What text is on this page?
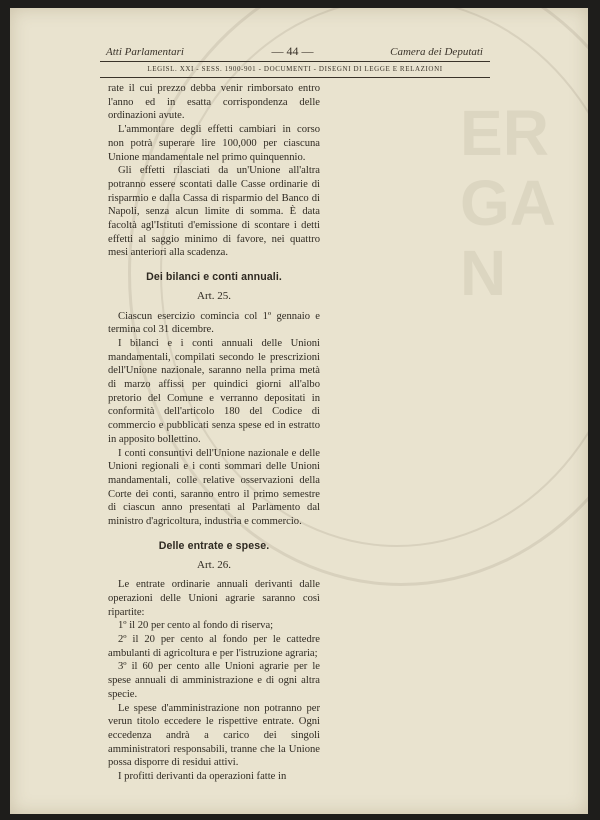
ERGAN
Atti Parlamentari	— 44 —	Camera dei Deputati
LEGISL. XXI - SESS. 1900-901 - DOCUMENTI - DISEGNI DI LEGGE E RELAZIONI

rate il cui prezzo debba venir rimborsato entro l'anno ed in esatta corrispondenza delle ordinazioni avute.

L'ammontare degli effetti cambiari in corso non potrà superare lire 100,000 per ciascuna Unione mandamentale nel primo quinquennio.

Gli effetti rilasciati da un'Unione all'altra potranno essere scontati dalle Casse ordinarie di risparmio e dalla Cassa di risparmio del Banco di Napoli, senza alcun limite di somma. È data facoltà agl'Istituti d'emissione di scontare i detti effetti al saggio minimo di favore, nei quattro mesi anteriori alla scadenza.

Dei bilanci e conti annuali.
Art. 25.

Ciascun esercizio comincia col 1º gennaio e termina col 31 dicembre.

I bilanci e i conti annuali delle Unioni mandamentali, compilati secondo le prescrizioni dell'Unione nazionale, saranno nella prima metà di marzo affissi per quindici giorni all'albo pretorio del Comune e verranno depositati in conformità dell'articolo 180 del Codice di commercio e pubblicati senza spese ed in estratto in apposito bollettino.

I conti consuntivi dell'Unione nazionale e delle Unioni regionali e i conti sommari delle Unioni mandamentali, colle relative osservazioni della Corte dei conti, saranno entro il primo semestre di ciascun anno presentati al Parlamento dal ministro d'agricoltura, industria e commercio.

Delle entrate e spese.
Art. 26.

Le entrate ordinarie annuali derivanti dalle operazioni delle Unioni agrarie saranno così ripartite:

1º il 20 per cento al fondo di riserva;

2º il 20 per cento al fondo per le cattedre ambulanti di agricoltura e per l'istruzione agraria;

3º il 60 per cento alle Unioni agrarie per le spese annuali di amministrazione e di ogni altra specie.

Le spese d'amministrazione non potranno per verun titolo eccedere le rispettive entrate. Ogni eccedenza andrà a carico dei singoli amministratori responsabili, tranne che la Unione possa disporre di residui attivi.

I profitti derivanti da operazioni fatte in
